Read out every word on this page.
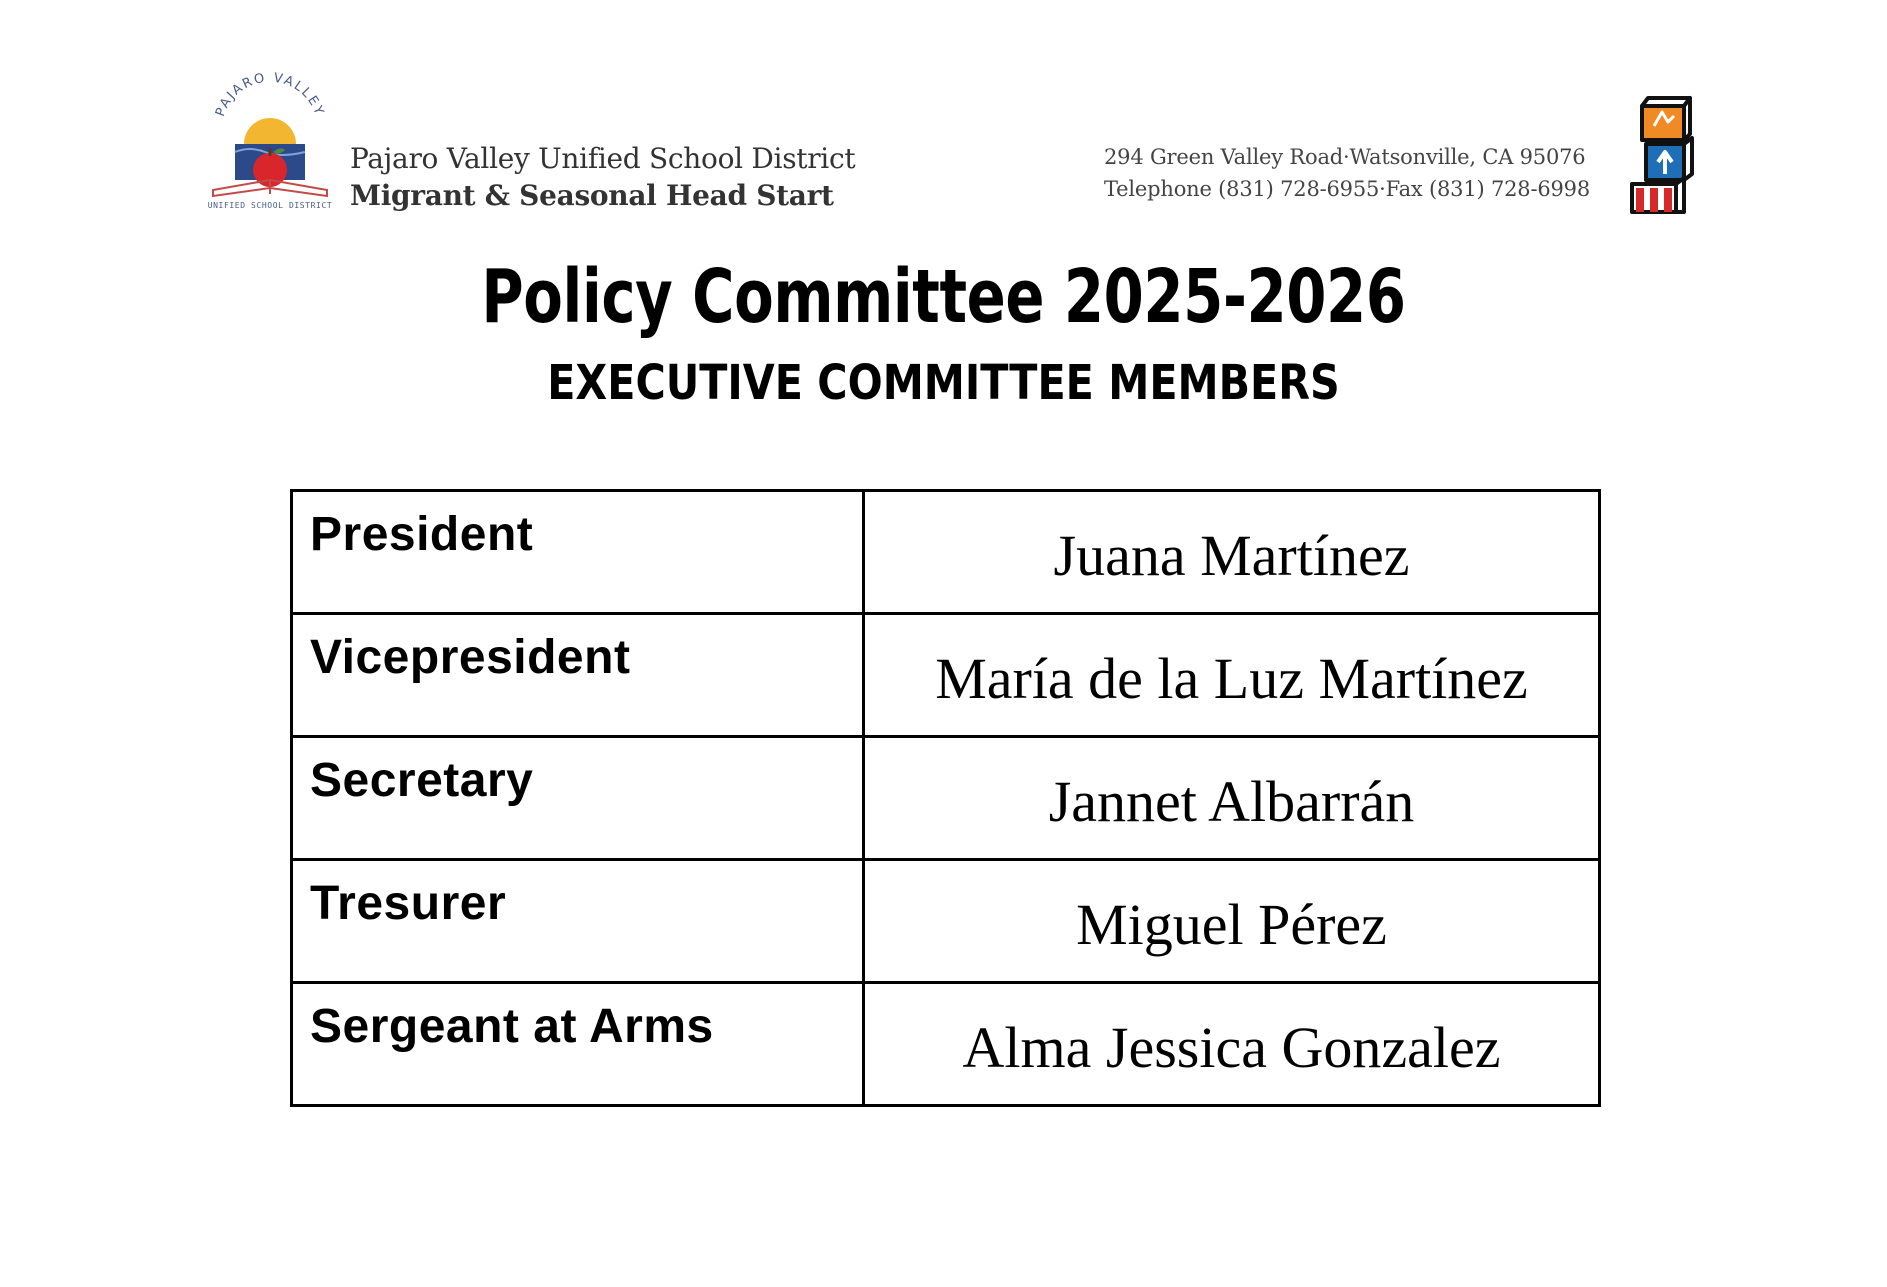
PAJARO VALLEY
UNIFIED SCHOOL DISTRICT
Pajaro Valley Unified School District
Migrant & Seasonal Head Start
294 Green Valley Road·Watsonville, CA 95076
Telephone (831) 728-6955·Fax (831) 728-6998
Policy Committee 2025-2026
EXECUTIVE COMMITTEE MEMBERS
President	Juana Martínez
Vicepresident	María de la Luz Martínez
Secretary	Jannet Albarrán
Tresurer	Miguel Pérez
Sergeant at Arms	Alma Jessica Gonzalez
